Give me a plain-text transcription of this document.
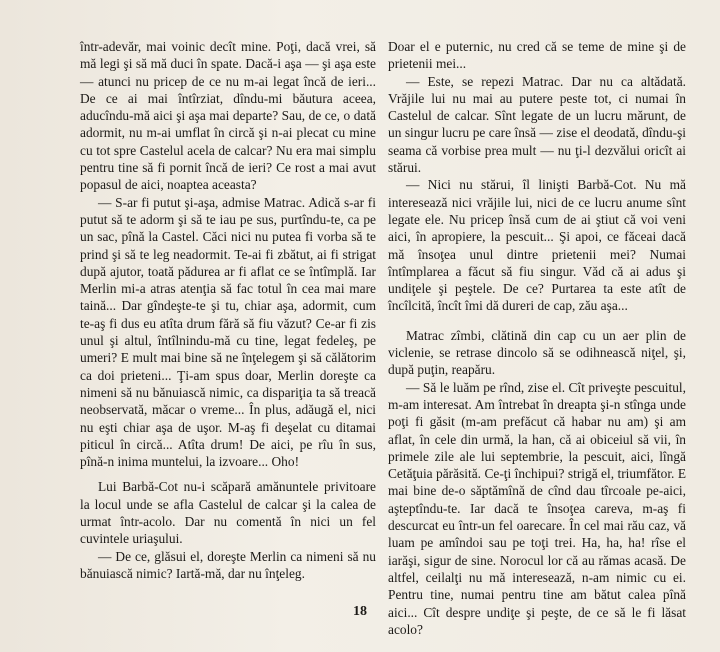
într-adevăr, mai voinic decît mine. Poţi, dacă vrei, să mă legi şi să mă duci în spate. Dacă-i aşa — şi aşa este — atunci nu pricep de ce nu m-ai legat încă de ieri... De ce ai mai întîrziat, dîndu-mi băutura aceea, aducîndu-mă aici şi aşa mai departe? Sau, de ce, o dată adormit, nu m-ai umflat în circă şi n-ai plecat cu mine cu tot spre Castelul acela de calcar? Nu era mai simplu pentru tine să fi pornit încă de ieri? Ce rost a mai avut popasul de aici, noaptea aceasta?

— S-ar fi putut şi-aşa, admise Matrac. Adică s-ar fi putut să te adorm şi să te iau pe sus, purtîndu-te, ca pe un sac, pînă la Castel. Căci nici nu putea fi vorba să te prind şi să te leg neadormit. Te-ai fi zbătut, ai fi strigat după ajutor, toată pădurea ar fi aflat ce se întîmplă. Iar Merlin mi-a atras atenţia să fac totul în cea mai mare taină... Dar gîndeşte-te şi tu, chiar aşa, adormit, cum te-aş fi dus eu atîta drum fără să fiu văzut? Ce-ar fi zis unul şi altul, întîlnindu-mă cu tine, legat fedeleş, pe umeri? E mult mai bine să ne înţelegem şi să călătorim ca doi prieteni... Ţi-am spus doar, Merlin doreşte ca nimeni să nu bănuiască nimic, ca dispariţia ta să treacă neobservată, măcar o vreme... În plus, adăugă el, nici nu eşti chiar aşa de uşor. M-aş fi deşelat cu ditamai piticul în circă... Atîta drum! De aici, pe rîu în sus, pînă-n inima muntelui, la izvoare... Oho!

Lui Barbă-Cot nu-i scăpară amănuntele privitoare la locul unde se afla Castelul de calcar şi la calea de urmat într-acolo. Dar nu comentă în nici un fel cuvintele uriaşului.

— De ce, glăsui el, doreşte Merlin ca nimeni să nu bănuiască nimic? Iartă-mă, dar nu înţeleg.

Doar el e puternic, nu cred că se teme de mine şi de prietenii mei...

— Este, se repezi Matrac. Dar nu ca altădată. Vrăjile lui nu mai au putere peste tot, ci numai în Castelul de calcar. Sînt legate de un lucru mărunt, de un singur lucru pe care însă — zise el deodată, dîndu-şi seama că vorbise prea mult — nu ţi-l dezvălui oricît ai stărui.

— Nici nu stărui, îl linişti Barbă-Cot. Nu mă interesează nici vrăjile lui, nici de ce lucru anume sînt legate ele. Nu pricep însă cum de ai ştiut că voi veni aici, în apropiere, la pescuit... Şi apoi, ce făceai dacă mă însoţea unul dintre prietenii mei? Numai întîmplarea a făcut să fiu singur. Văd că ai adus şi undiţele şi peştele. De ce? Purtarea ta este atît de încîlcită, încît îmi dă dureri de cap, zău aşa...

Matrac zîmbi, clătină din cap cu un aer plin de viclenie, se retrase dincolo să se odihnească niţel, şi, după puţin, reapăru.

— Să le luăm pe rînd, zise el. Cît priveşte pescuitul, m-am interesat. Am întrebat în dreapta şi-n stînga unde poţi fi găsit (m-am prefăcut că habar nu am) şi am aflat, în cele din urmă, la han, că ai obiceiul să vii, în primele zile ale lui septembrie, la pescuit, aici, lîngă Cetăţuia părăsită. Ce-ţi închipui? strigă el, triumfător. E mai bine de-o săptămînă de cînd dau tîrcoale pe-aici, aşteptîndu-te. Iar dacă te însoţea careva, m-aş fi descurcat eu într-un fel oarecare. În cel mai rău caz, vă luam pe amîndoi sau pe toţi trei. Ha, ha, ha! rîse el iarăşi, sigur de sine. Norocul lor că au rămas acasă. De altfel, ceilalţi nu mă interesează, n-am nimic cu ei. Pentru tine, numai pentru tine am bătut calea pînă aici... Cît despre undiţe şi peşte, de ce să le fi lăsat acolo?

18
